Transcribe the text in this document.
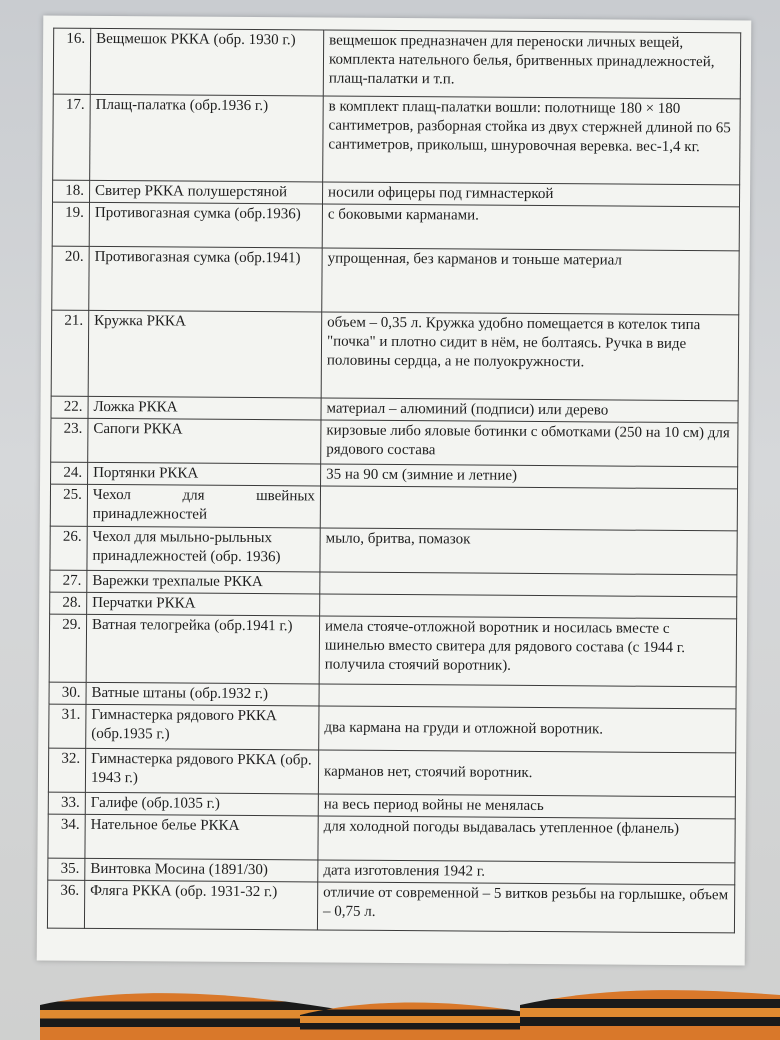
16.	Вещмешок РККА (обр. 1930 г.)	вещмешок предназначен для переноски личных вещей, комплекта нательного белья, бритвенных принадлежностей, плащ-палатки и т.п.
17.	Плащ-палатка (обр.1936 г.)	в комплект плащ-палатки вошли: полотнище 180 × 180 сантиметров, разборная стойка из двух стержней длиной по 65 сантиметров, приколыш, шнуровочная веревка. вес-1,4 кг.
18.	Свитер РККА полушерстяной	носили офицеры под гимнастеркой
19.	Противогазная сумка (обр.1936)	с боковыми карманами.
20.	Противогазная сумка (обр.1941)	упрощенная, без карманов и тоньше материал
21.	Кружка РККА	объем – 0,35 л. Кружка удобно помещается в котелок типа "почка" и плотно сидит в нём, не болтаясь. Ручка в виде половины сердца, а не полуокружности.
22.	Ложка РККА	материал – алюминий (подписи) или дерево
23.	Сапоги РККА	кирзовые либо яловые ботинки с обмотками (250 на 10 см) для рядового состава
24.	Портянки РККА	35 на 90 см (зимние и летние)
25.	Чехол для швейных принадлежностей	
26.	Чехол для мыльно-рыльных принадлежностей (обр. 1936)	мыло, бритва, помазок
27.	Варежки трехпалые РККА	
28.	Перчатки РККА	
29.	Ватная телогрейка (обр.1941 г.)	имела стояче-отложной воротник и носилась вместе с шинелью вместо свитера для рядового состава (с 1944 г. получила стоячий воротник).
30.	Ватные штаны (обр.1932 г.)	
31.	Гимнастерка рядового РККА (обр.1935 г.)	два кармана на груди и отложной воротник.
32.	Гимнастерка рядового РККА (обр. 1943 г.)	карманов нет, стоячий воротник.
33.	Галифе (обр.1035 г.)	на весь период войны не менялась
34.	Нательное белье РККА	для холодной погоды выдавалась утепленное (фланель)
35.	Винтовка Мосина (1891/30)	дата изготовления 1942 г.
36.	Фляга РККА (обр. 1931-32 г.)	отличие от современной – 5 витков резьбы на горлышке, объем – 0,75 л.
